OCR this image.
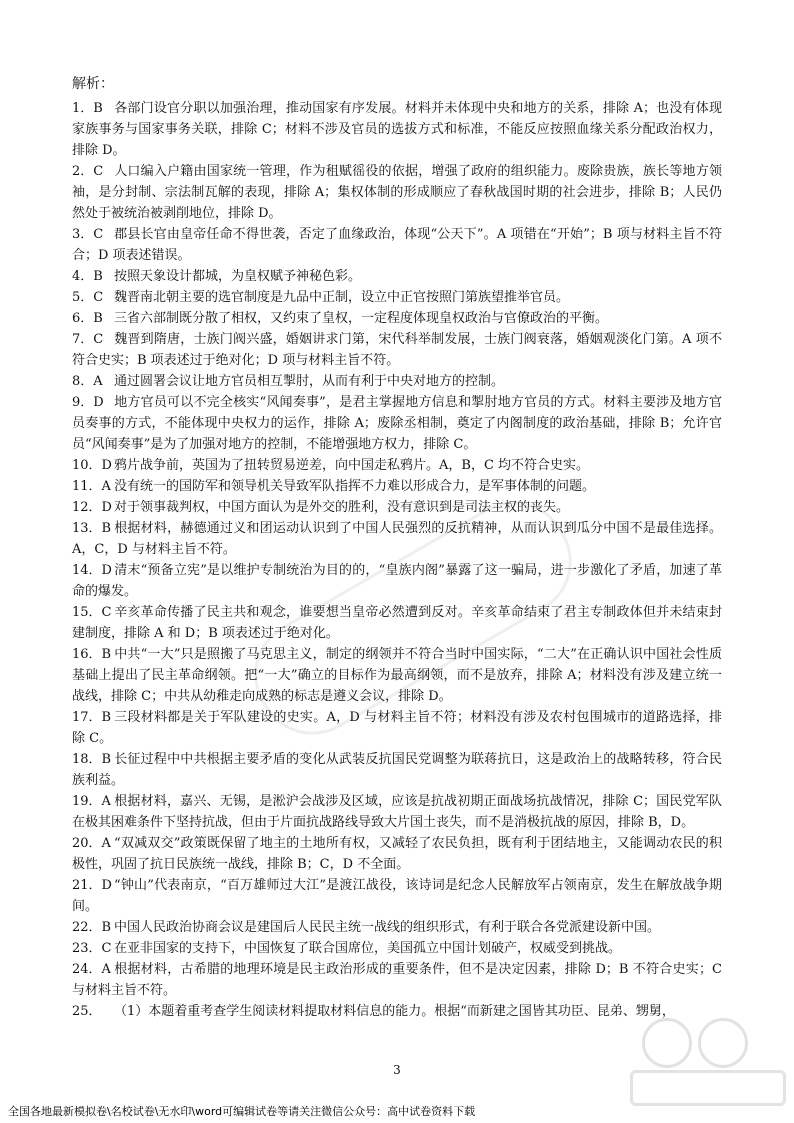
解析：

1．B 各部门设官分职以加强治理，推动国家有序发展。材料并未体现中央和地方的关系，排除 A；也没有体现家族事务与国家事务关联，排除 C；材料不涉及官员的选拔方式和标准，不能反应按照血缘关系分配政治权力，排除 D。

2．C 人口编入户籍由国家统一管理，作为租赋徭役的依据，增强了政府的组织能力。废除贵族，族长等地方领袖，是分封制、宗法制瓦解的表现，排除 A；集权体制的形成顺应了春秋战国时期的社会进步，排除 B；人民仍然处于被统治被剥削地位，排除 D。

3．C 郡县长官由皇帝任命不得世袭，否定了血缘政治，体现“公天下”。A 项错在“开始”；B 项与材料主旨不符合；D 项表述错误。

4．B 按照天象设计都城，为皇权赋予神秘色彩。

5．C 魏晋南北朝主要的选官制度是九品中正制，设立中正官按照门第族望推举官员。

6．B 三省六部制既分散了相权，又约束了皇权，一定程度体现皇权政治与官僚政治的平衡。

7．C 魏晋到隋唐，士族门阀兴盛，婚姻讲求门第，宋代科举制发展，士族门阀衰落，婚姻观淡化门第。A 项不符合史实；B 项表述过于绝对化；D 项与材料主旨不符。

8．A 通过圆署会议让地方官员相互掣肘，从而有利于中央对地方的控制。

9．D 地方官员可以不完全核实“风闻奏事”，是君主掌握地方信息和掣肘地方官员的方式。材料主要涉及地方官员奏事的方式，不能体现中央权力的运作，排除 A；废除丞相制，奠定了内阁制度的政治基础，排除 B；允许官员“风闻奏事”是为了加强对地方的控制，不能增强地方权力，排除 C。

10．D 鸦片战争前，英国为了扭转贸易逆差，向中国走私鸦片。A，B，C 均不符合史实。

11．A 没有统一的国防军和领导机关导致军队指挥不力难以形成合力，是军事体制的问题。

12．D 对于领事裁判权，中国方面认为是外交的胜利，没有意识到是司法主权的丧失。

13．B 根据材料，赫德通过义和团运动认识到了中国人民强烈的反抗精神，从而认识到瓜分中国不是最佳选择。A，C，D 与材料主旨不符。

14．D 清末“预备立宪”是以维护专制统治为目的的，“皇族内阁”暴露了这一骗局，进一步激化了矛盾，加速了革命的爆发。

15．C 辛亥革命传播了民主共和观念，谁要想当皇帝必然遭到反对。辛亥革命结束了君主专制政体但并未结束封建制度，排除 A 和 D；B 项表述过于绝对化。

16．B 中共“一大”只是照搬了马克思主义，制定的纲领并不符合当时中国实际，“二大”在正确认识中国社会性质基础上提出了民主革命纲领。把“一大”确立的目标作为最高纲领，而不是放弃，排除 A；材料没有涉及建立统一战线，排除 C；中共从幼稚走向成熟的标志是遵义会议，排除 D。

17．B 三段材料都是关于军队建设的史实。A，D 与材料主旨不符；材料没有涉及农村包围城市的道路选择，排除 C。

18．B 长征过程中中共根据主要矛盾的变化从武装反抗国民党调整为联蒋抗日，这是政治上的战略转移，符合民族利益。

19．A 根据材料，嘉兴、无锡，是淞沪会战涉及区域，应该是抗战初期正面战场抗战情况，排除 C；国民党军队在极其困难条件下坚持抗战，但由于片面抗战路线导致大片国土丧失，而不是消极抗战的原因，排除 B，D。

20．A “双减双交”政策既保留了地主的土地所有权，又减轻了农民负担，既有利于团结地主，又能调动农民的积极性，巩固了抗日民族统一战线，排除 B；C，D 不全面。

21．D “钟山”代表南京，“百万雄师过大江”是渡江战役，该诗词是纪念人民解放军占领南京，发生在解放战争期间。

22．B 中国人民政治协商会议是建国后人民民主统一战线的组织形式，有利于联合各党派建设新中国。

23．C 在亚非国家的支持下，中国恢复了联合国席位，美国孤立中国计划破产，权威受到挑战。

24．A 根据材料，古希腊的地理环境是民主政治形成的重要条件，但不是决定因素，排除 D；B 不符合史实；C 与材料主旨不符。

25． （1）本题着重考查学生阅读材料提取材料信息的能力。根据“而新建之国皆其功臣、昆弟、甥舅，

3
全国各地最新模拟卷\名校试卷\无水印\word可编辑试卷等请关注微信公众号：高中试卷资料下载
